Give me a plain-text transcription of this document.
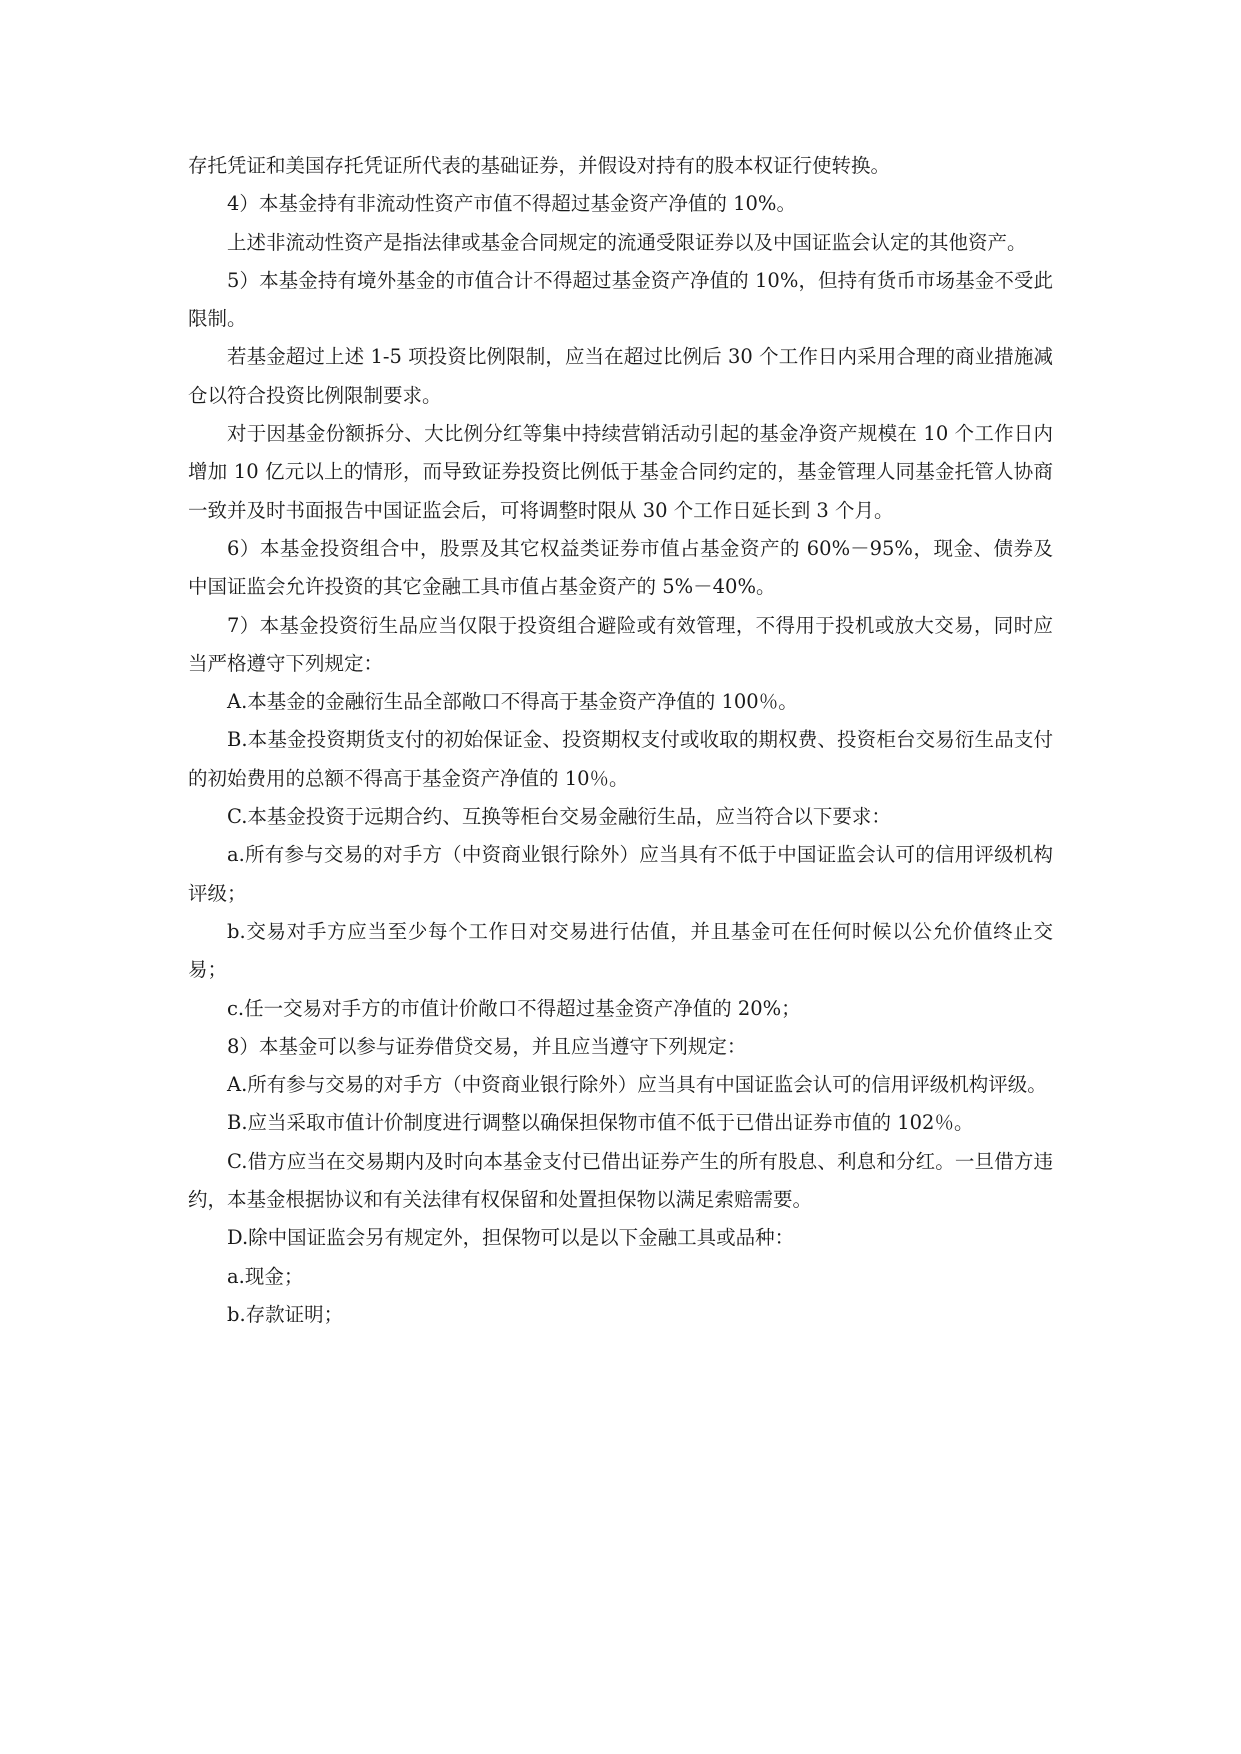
存托凭证和美国存托凭证所代表的基础证券，并假设对持有的股本权证行使转换。

4）本基金持有非流动性资产市值不得超过基金资产净值的 10%。

上述非流动性资产是指法律或基金合同规定的流通受限证券以及中国证监会认定的其他资产。

5）本基金持有境外基金的市值合计不得超过基金资产净值的 10%，但持有货币市场基金不受此限制。

若基金超过上述 1-5 项投资比例限制，应当在超过比例后 30 个工作日内采用合理的商业措施减仓以符合投资比例限制要求。

对于因基金份额拆分、大比例分红等集中持续营销活动引起的基金净资产规模在 10 个工作日内增加 10 亿元以上的情形，而导致证券投资比例低于基金合同约定的，基金管理人同基金托管人协商一致并及时书面报告中国证监会后，可将调整时限从 30 个工作日延长到 3 个月。

6）本基金投资组合中，股票及其它权益类证券市值占基金资产的 60%－95%，现金、债券及中国证监会允许投资的其它金融工具市值占基金资产的 5%－40%。

7）本基金投资衍生品应当仅限于投资组合避险或有效管理，不得用于投机或放大交易，同时应当严格遵守下列规定：

A.本基金的金融衍生品全部敞口不得高于基金资产净值的 100％。

B.本基金投资期货支付的初始保证金、投资期权支付或收取的期权费、投资柜台交易衍生品支付的初始费用的总额不得高于基金资产净值的 10％。

C.本基金投资于远期合约、互换等柜台交易金融衍生品，应当符合以下要求：

a.所有参与交易的对手方（中资商业银行除外）应当具有不低于中国证监会认可的信用评级机构评级；

b.交易对手方应当至少每个工作日对交易进行估值，并且基金可在任何时候以公允价值终止交易；

c.任一交易对手方的市值计价敞口不得超过基金资产净值的 20%；

8）本基金可以参与证券借贷交易，并且应当遵守下列规定：

A.所有参与交易的对手方（中资商业银行除外）应当具有中国证监会认可的信用评级机构评级。

B.应当采取市值计价制度进行调整以确保担保物市值不低于已借出证券市值的 102％。

C.借方应当在交易期内及时向本基金支付已借出证券产生的所有股息、利息和分红。一旦借方违约，本基金根据协议和有关法律有权保留和处置担保物以满足索赔需要。

D.除中国证监会另有规定外，担保物可以是以下金融工具或品种：

a.现金；

b.存款证明；
